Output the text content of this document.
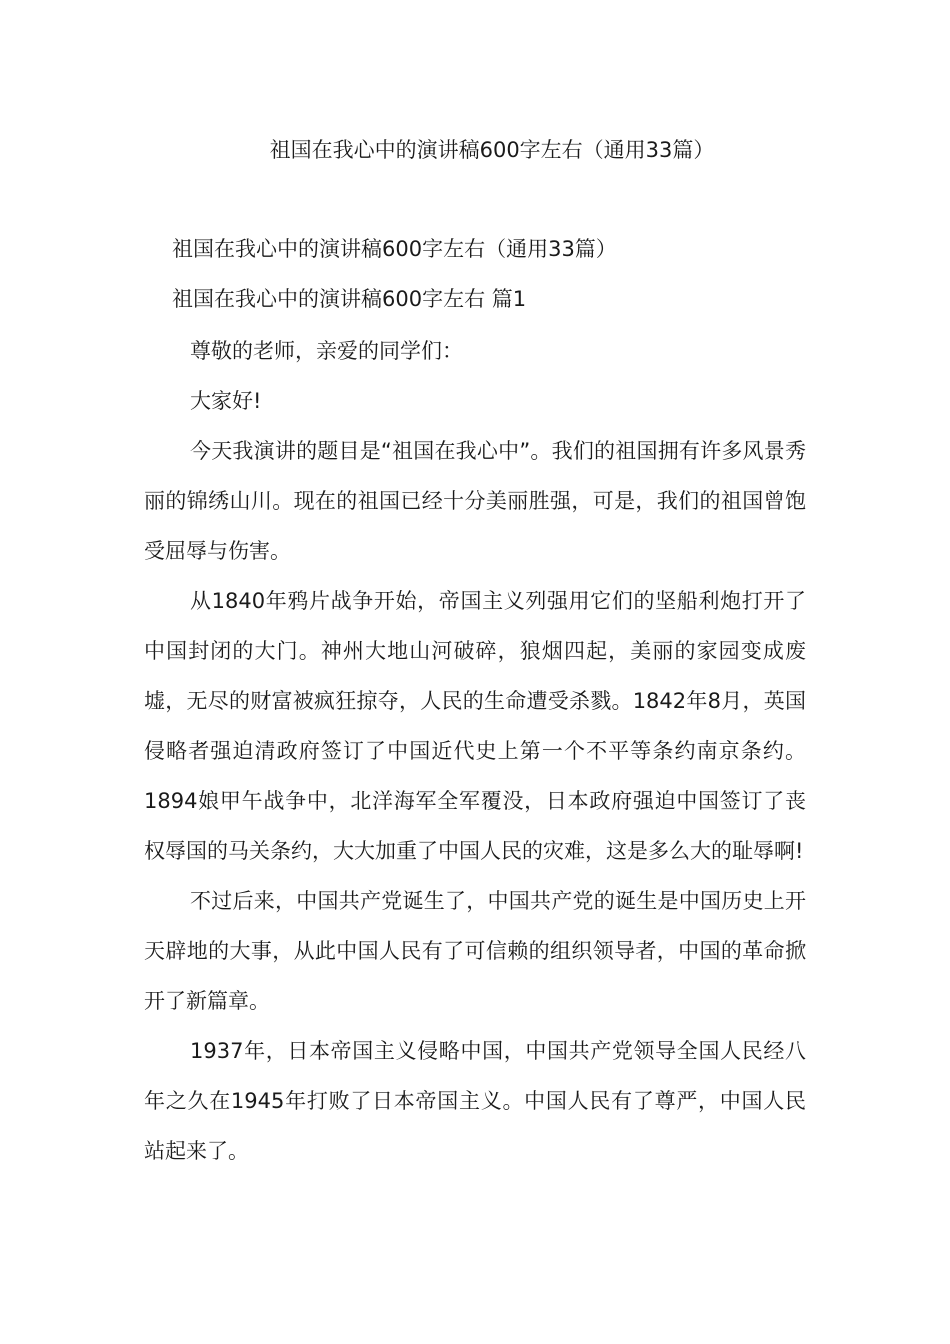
祖国在我心中的演讲稿600字左右（通用33篇）

祖国在我心中的演讲稿600字左右（通用33篇）

祖国在我心中的演讲稿600字左右 篇1

尊敬的老师，亲爱的同学们：

大家好!

今天我演讲的题目是“祖国在我心中”。我们的祖国拥有许多风景秀丽的锦绣山川。现在的祖国已经十分美丽胜强，可是，我们的祖国曾饱受屈辱与伤害。

从1840年鸦片战争开始，帝国主义列强用它们的坚船利炮打开了中国封闭的大门。神州大地山河破碎，狼烟四起，美丽的家园变成废墟，无尽的财富被疯狂掠夺，人民的生命遭受杀戮。1842年8月，英国侵略者强迫清政府签订了中国近代史上第一个不平等条约南京条约。1894娘甲午战争中，北洋海军全军覆没，日本政府强迫中国签订了丧权辱国的马关条约，大大加重了中国人民的灾难，这是多么大的耻辱啊!

不过后来，中国共产党诞生了，中国共产党的诞生是中国历史上开天辟地的大事，从此中国人民有了可信赖的组织领导者，中国的革命掀开了新篇章。

1937年，日本帝国主义侵略中国，中国共产党领导全国人民经八年之久在1945年打败了日本帝国主义。中国人民有了尊严，中国人民站起来了。
